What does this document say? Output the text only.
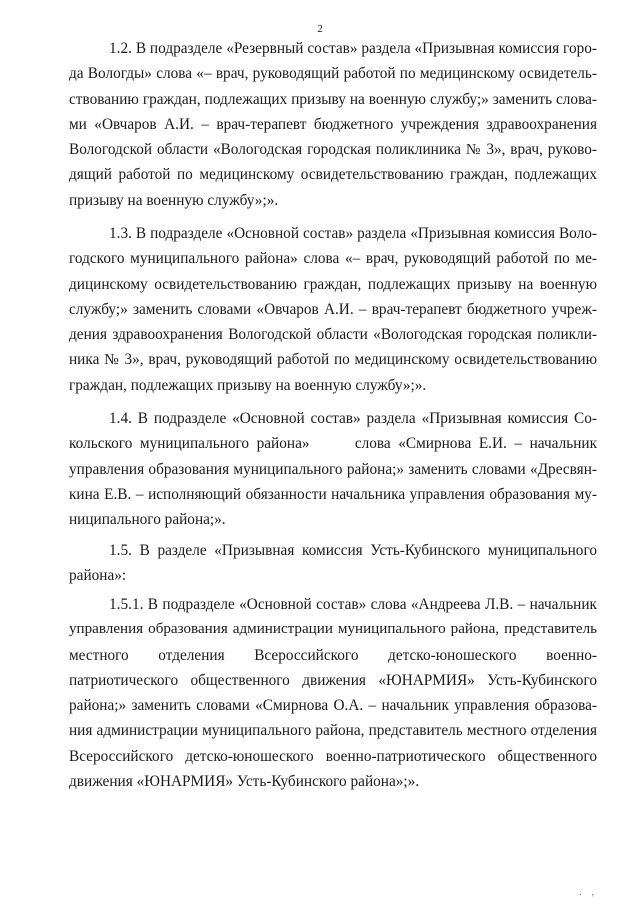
2
1.2. В подразделе «Резервный состав» раздела «Призывная комиссия горо-
да Вологды» слова «– врач, руководящий работой по медицинскому освидетель-
ствованию граждан, подлежащих призыву на военную службу;» заменить слова-
ми «Овчаров А.И. – врач-терапевт бюджетного учреждения здравоохранения
Вологодской области «Вологодская городская поликлиника № 3», врач, руково-
дящий работой по медицинскому освидетельствованию граждан, подлежащих
призыву на военную службу»;».
1.3. В подразделе «Основной состав» раздела «Призывная комиссия Воло-
годского муниципального района» слова «– врач, руководящий работой по ме-
дицинскому освидетельствованию граждан, подлежащих призыву на военную
службу;» заменить словами «Овчаров А.И. – врач-терапевт бюджетного учреж-
дения здравоохранения Вологодской области «Вологодская городская поликли-
ника № 3», врач, руководящий работой по медицинскому освидетельствованию
граждан, подлежащих призыву на военную службу»;».
1.4. В подразделе «Основной состав» раздела «Призывная комиссия Со-
кольского муниципального района»      слова «Смирнова Е.И. – начальник
управления образования муниципального района;» заменить словами «Дресвян-
кина Е.В. – исполняющий обязанности начальника управления образования му-
ниципального района;».
1.5. В разделе «Призывная комиссия Усть-Кубинского муниципального
района»:
1.5.1. В подразделе «Основной состав» слова «Андреева Л.В. – начальник
управления образования администрации муниципального района, представитель
местного отделения Всероссийского детско-юношеского военно-
патриотического общественного движения «ЮНАРМИЯ» Усть-Кубинского
района;» заменить словами «Смирнова О.А. – начальник управления образова-
ния администрации муниципального района, представитель местного отделения
Всероссийского детско-юношеского военно-патриотического общественного
движения «ЮНАРМИЯ» Усть-Кубинского района»;».
. ,
